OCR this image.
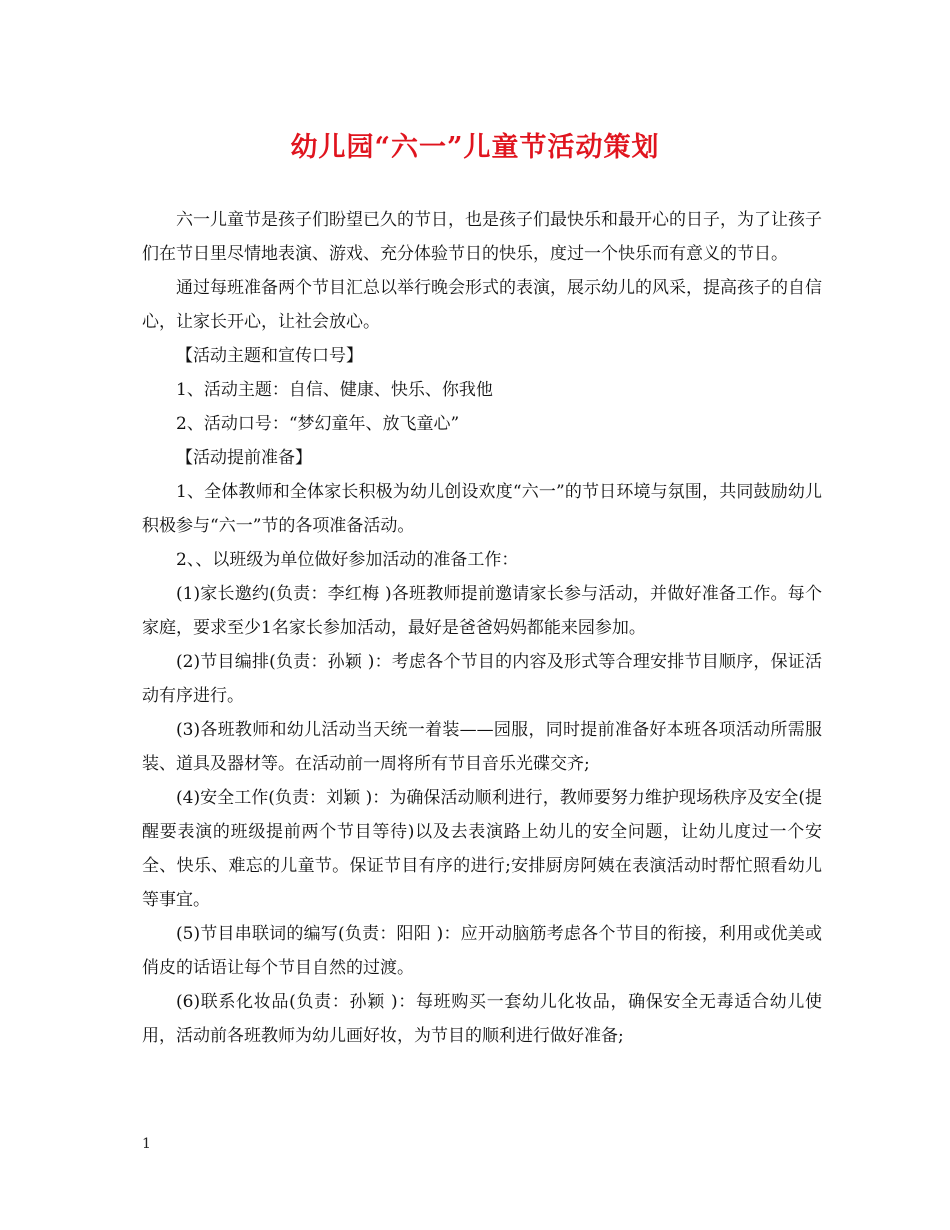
幼儿园“六一”儿童节活动策划

六一儿童节是孩子们盼望已久的节日，也是孩子们最快乐和最开心的日子，为了让孩子们在节日里尽情地表演、游戏、充分体验节日的快乐，度过一个快乐而有意义的节日。

通过每班准备两个节目汇总以举行晚会形式的表演，展示幼儿的风采，提高孩子的自信心，让家长开心，让社会放心。

【活动主题和宣传口号】

1、活动主题：自信、健康、快乐、你我他

2、活动口号：“梦幻童年、放飞童心”

【活动提前准备】

1、全体教师和全体家长积极为幼儿创设欢度“六一”的节日环境与氛围，共同鼓励幼儿积极参与“六一”节的各项准备活动。

2、、以班级为单位做好参加活动的准备工作：

(1)家长邀约(负责：李红梅 )各班教师提前邀请家长参与活动，并做好准备工作。每个家庭，要求至少1名家长参加活动，最好是爸爸妈妈都能来园参加。

(2)节目编排(负责：孙颖 )：考虑各个节目的内容及形式等合理安排节目顺序，保证活动有序进行。

(3)各班教师和幼儿活动当天统一着装——园服，同时提前准备好本班各项活动所需服装、道具及器材等。在活动前一周将所有节目音乐光碟交齐;

(4)安全工作(负责：刘颖 )：为确保活动顺利进行，教师要努力维护现场秩序及安全(提醒要表演的班级提前两个节目等待)以及去表演路上幼儿的安全问题，让幼儿度过一个安全、快乐、难忘的儿童节。保证节目有序的进行;安排厨房阿姨在表演活动时帮忙照看幼儿等事宜。

(5)节目串联词的编写(负责：阳阳 )：应开动脑筋考虑各个节目的衔接，利用或优美或俏皮的话语让每个节目自然的过渡。

(6)联系化妆品(负责：孙颖 )：每班购买一套幼儿化妆品，确保安全无毒适合幼儿使用，活动前各班教师为幼儿画好妆，为节目的顺利进行做好准备;

1
